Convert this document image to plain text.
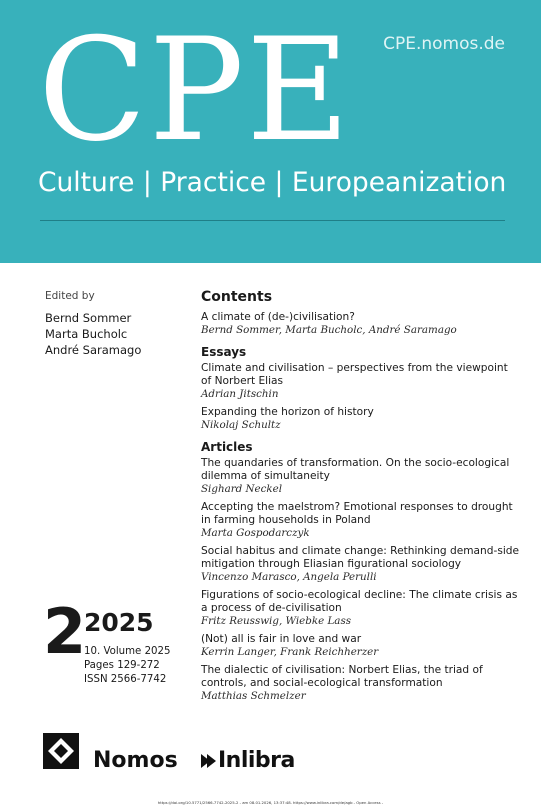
CPE CPE.nomos.de
Culture | Practice | Europeanization
Edited by
Bernd Sommer
Marta Bucholc
André Saramago
Contents
A climate of (de-)civilisation?
Bernd Sommer, Marta Bucholc, André Saramago
Essays
Climate and civilisation – perspectives from the viewpoint of Norbert Elias
Adrian Jitschin
Expanding the horizon of history
Nikolaj Schultz
Articles
The quandaries of transformation. On the socio-ecological dilemma of simultaneity
Sighard Neckel
Accepting the maelstrom? Emotional responses to drought in farming households in Poland
Marta Gospodarczyk
Social habitus and climate change: Rethinking demand-side mitigation through Eliasian figurational sociology
Vincenzo Marasco, Angela Perulli
Figurations of socio-ecological decline: The climate crisis as a process of de-civilisation
Fritz Reusswig, Wiebke Lass
(Not) all is fair in love and war
Kerrin Langer, Frank Reichherzer
The dialectic of civilisation: Norbert Elias, the triad of controls, and social-ecological transformation
Matthias Schmelzer
2
2025
10. Volume 2025
Pages 129-272
ISSN 2566-7742
Nomos Inlibra
https://doi.org/10.5771/2566-7742-2025-2 - am 08.01.2026, 13:37:48. https://www.inlibra.com/de/agb - Open Access -
